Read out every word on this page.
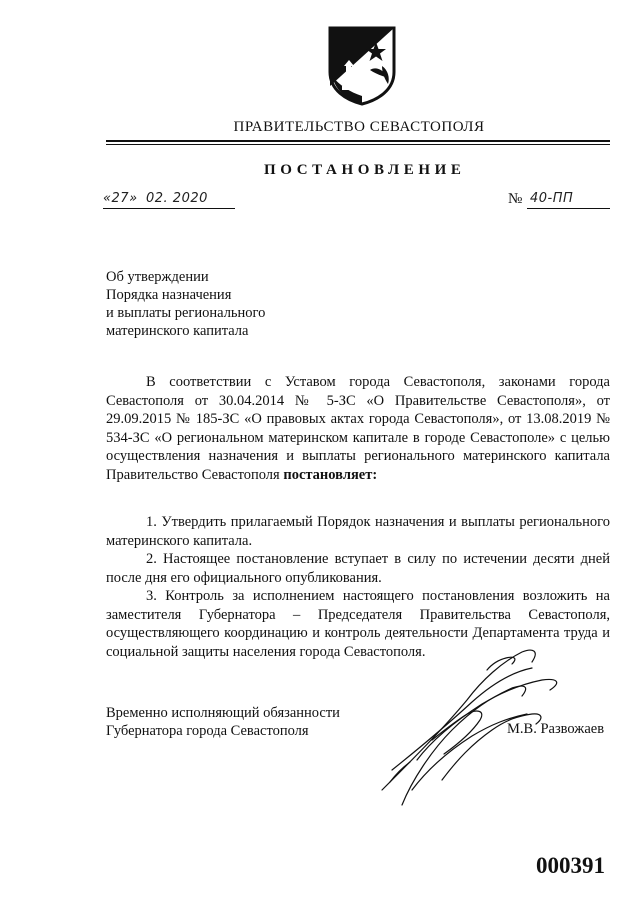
ПРАВИТЕЛЬСТВО СЕВАСТОПОЛЯ
ПОСТАНОВЛЕНИЕ
«27» 02. 2020	№ 40-ПП
Об утверждении
Порядка назначения
и выплаты регионального
материнского капитала

В соответствии с Уставом города Севастополя, законами города Севастополя от 30.04.2014 № 5-ЗС «О Правительстве Севастополя», от 29.09.2015 № 185-ЗС «О правовых актах города Севастополя», от 13.08.2019 № 534-ЗС «О региональном материнском капитале в городе Севастополе» с целью осуществления назначения и выплаты регионального материнского капитала Правительство Севастополя постановляет:

1. Утвердить прилагаемый Порядок назначения и выплаты регионального материнского капитала.

2. Настоящее постановление вступает в силу по истечении десяти дней после дня его официального опубликования.

3. Контроль за исполнением настоящего постановления возложить на заместителя Губернатора – Председателя Правительства Севастополя, осуществляющего координацию и контроль деятельности Департамента труда и социальной защиты населения города Севастополя.

Временно исполняющий обязанности
Губернатора города Севастополя	М.В. Развожаев
000391
